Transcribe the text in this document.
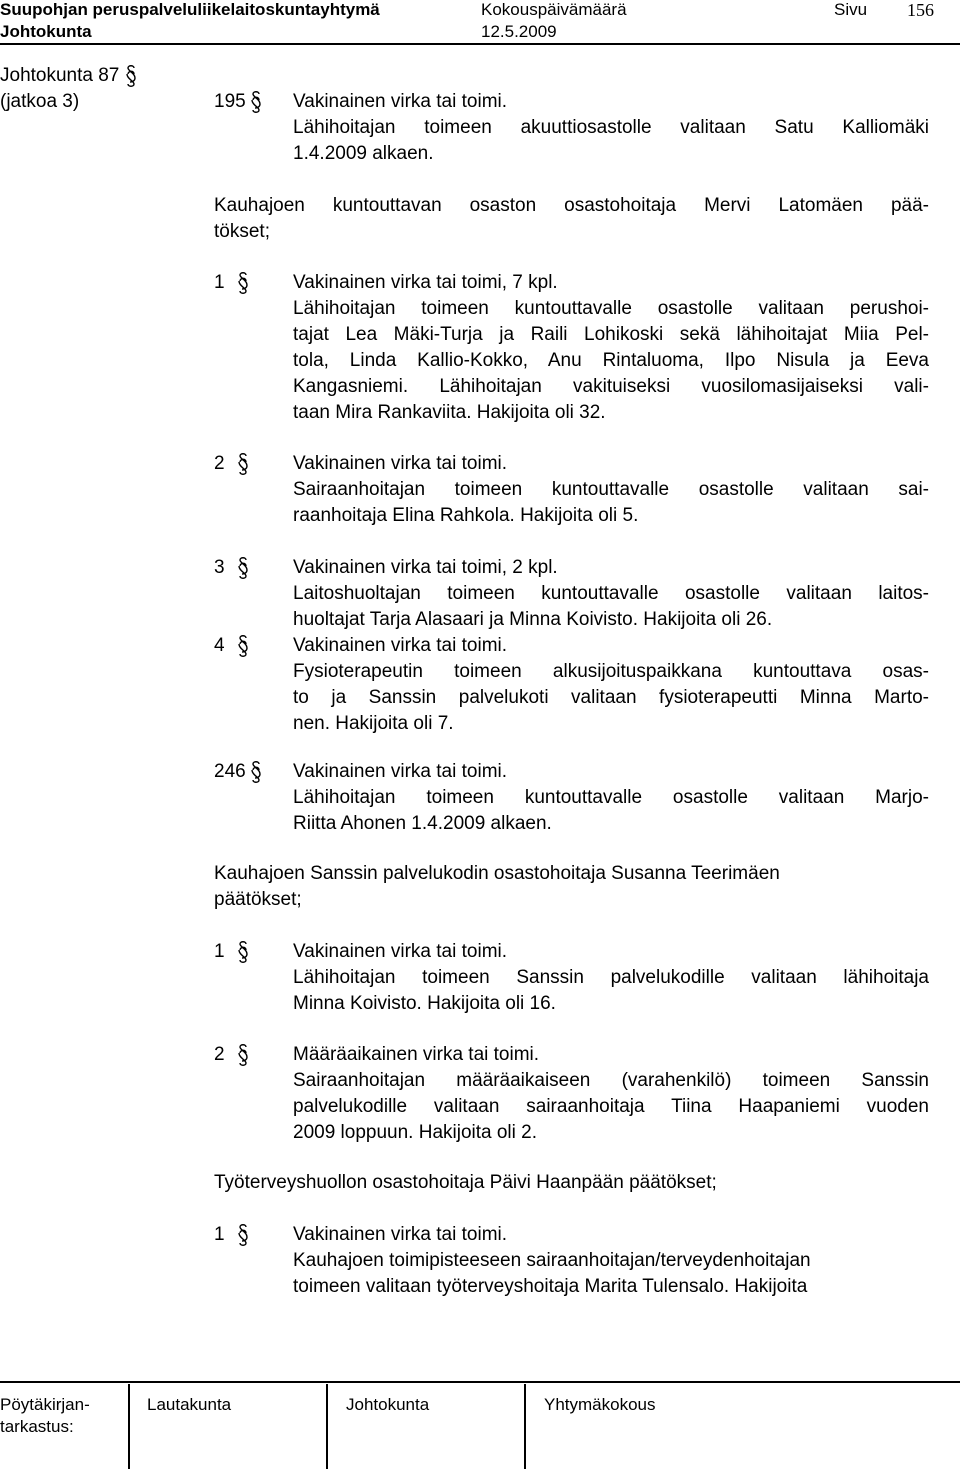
Suupohjan peruspalveluliikelaitoskuntayhtymä
Johtokunta
Kokouspäivämäärä
12.5.2009
Sivu 156
Johtokunta 87
(jatkoa 3)	195	Vakinainen virka tai toimi.
Lähihoitajan toimeen akuuttiosastolle valitaan Satu Kalliomäki
1.4.2009 alkaen.
Kauhajoen kuntouttavan osaston osastohoitaja Mervi Latomäen pää-
tökset;
1	Vakinainen virka tai toimi, 7 kpl.
Lähihoitajan toimeen kuntouttavalle osastolle valitaan perushoi-
tajat Lea Mäki-Turja ja Raili Lohikoski sekä lähihoitajat Miia Pel-
tola, Linda Kallio-Kokko, Anu Rintaluoma, Ilpo Nisula ja Eeva
Kangasniemi. Lähihoitajan vakituiseksi vuosilomasijaiseksi vali-
taan Mira Rankaviita. Hakijoita oli 32.
2	Vakinainen virka tai toimi.
Sairaanhoitajan toimeen kuntouttavalle osastolle valitaan sai-
raanhoitaja Elina Rahkola. Hakijoita oli 5.
3	Vakinainen virka tai toimi, 2 kpl.
Laitoshuoltajan toimeen kuntouttavalle osastolle valitaan laitos-
huoltajat Tarja Alasaari ja Minna Koivisto. Hakijoita oli 26.
4	Vakinainen virka tai toimi.
Fysioterapeutin toimeen alkusijoituspaikkana kuntouttava osas-
to ja Sanssin palvelukoti valitaan fysioterapeutti Minna Marto-
nen. Hakijoita oli 7.
246	Vakinainen virka tai toimi.
Lähihoitajan toimeen kuntouttavalle osastolle valitaan Marjo-
Riitta Ahonen 1.4.2009 alkaen.
Kauhajoen Sanssin palvelukodin osastohoitaja Susanna Teerimäen
päätökset;
1	Vakinainen virka tai toimi.
Lähihoitajan toimeen Sanssin palvelukodille valitaan lähihoitaja
Minna Koivisto. Hakijoita oli 16.
2	Määräaikainen virka tai toimi.
Sairaanhoitajan määräaikaiseen (varahenkilö) toimeen Sanssin
palvelukodille valitaan sairaanhoitaja Tiina Haapaniemi vuoden
2009 loppuun. Hakijoita oli 2.
Työterveyshuollon osastohoitaja Päivi Haanpään päätökset;
1	Vakinainen virka tai toimi.
Kauhajoen toimipisteeseen sairaanhoitajan/terveydenhoitajan
toimeen valitaan työterveyshoitaja Marita Tulensalo. Hakijoita
Pöytäkirjan-
tarkastus:
Lautakunta	Johtokunta	Yhtymäkokous
